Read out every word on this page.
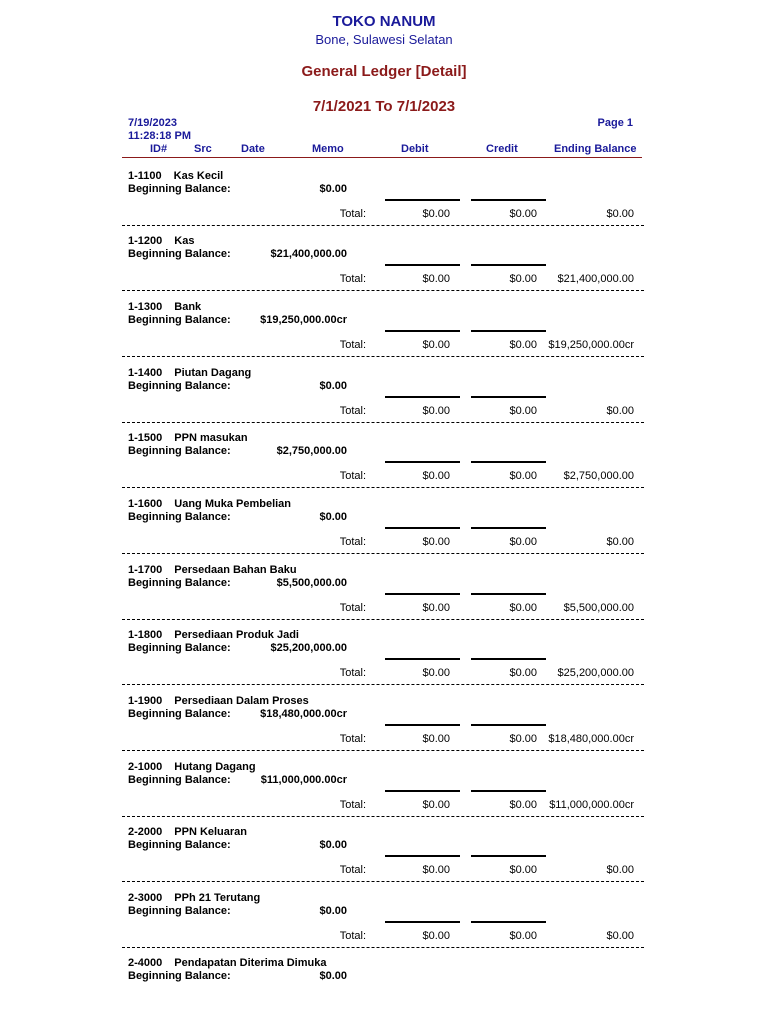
TOKO NANUM
Bone, Sulawesi Selatan
General Ledger [Detail]
7/1/2021 To 7/1/2023
7/19/2023
11:28:18 PM
Page 1
ID# Src	Date	Memo	Debit	Credit	Ending Balance
1-1100 Kas Kecil
Beginning Balance:	$0.00
Total:	$0.00	$0.00	$0.00
1-1200 Kas
Beginning Balance:	$21,400,000.00
Total:	$0.00	$0.00 $21,400,000.00
1-1300 Bank
Beginning Balance:	$19,250,000.00cr
Total:	$0.00	$0.00 $19,250,000.00cr
1-1400 Piutan Dagang
Beginning Balance:	$0.00
Total:	$0.00	$0.00	$0.00
1-1500 PPN masukan
Beginning Balance:	$2,750,000.00
Total:	$0.00	$0.00 $2,750,000.00
1-1600 Uang Muka Pembelian
Beginning Balance:	$0.00
Total:	$0.00	$0.00	$0.00
1-1700 Persedaan Bahan Baku
Beginning Balance:	$5,500,000.00
Total:	$0.00	$0.00 $5,500,000.00
1-1800 Persediaan Produk Jadi
Beginning Balance:	$25,200,000.00
Total:	$0.00	$0.00 $25,200,000.00
1-1900 Persediaan Dalam Proses
Beginning Balance:	$18,480,000.00cr
Total:	$0.00	$0.00 $18,480,000.00cr
2-1000 Hutang Dagang
Beginning Balance:	$11,000,000.00cr
Total:	$0.00	$0.00 $11,000,000.00cr
2-2000 PPN Keluaran
Beginning Balance:	$0.00
Total:	$0.00	$0.00	$0.00
2-3000 PPh 21 Terutang
Beginning Balance:	$0.00
Total:	$0.00	$0.00	$0.00
2-4000 Pendapatan Diterima Dimuka
Beginning Balance:	$0.00
